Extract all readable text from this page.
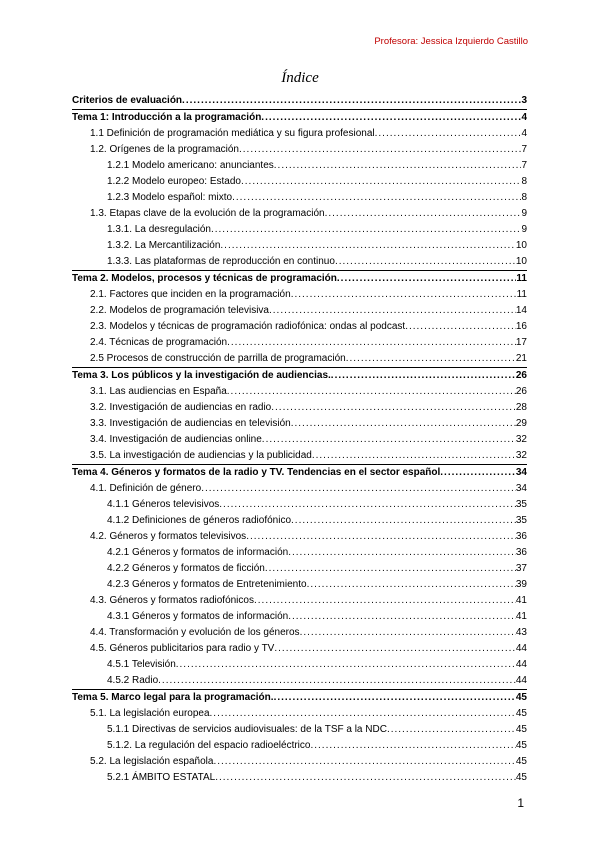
Profesora: Jessica Izquierdo Castillo
Índice
Criterios de evaluación .....	3
Tema 1: Introducción a la programación .....	4
1.1 Definición de programación mediática y su figura profesional .....	4
1.2. Orígenes de la programación .....	7
1.2.1 Modelo americano: anunciantes .....	7
1.2.2 Modelo europeo: Estado .....	8
1.2.3 Modelo español: mixto .....	8
1.3. Etapas clave de la evolución de la programación .....	9
1.3.1. La desregulación .....	9
1.3.2. La Mercantilización .....	10
1.3.3. Las plataformas de reproducción en continuo .....	10
Tema 2. Modelos, procesos y técnicas de programación .....	11
2.1. Factores que inciden en la programación .....	11
2.2. Modelos de programación televisiva .....	14
2.3. Modelos y técnicas de programación radiofónica: ondas al podcast .....	16
2.4. Técnicas de programación .....	17
2.5 Procesos de construcción de parrilla de programación .....	21
Tema 3. Los públicos y la investigación de audiencias. .....	26
3.1. Las audiencias en España .....	26
3.2. Investigación de audiencias en radio .....	28
3.3. Investigación de audiencias en televisión .....	29
3.4. Investigación de audiencias online .....	32
3.5. La investigación de audiencias y la publicidad .....	32
Tema 4. Géneros y formatos de la radio y TV. Tendencias en el sector español .....	34
4.1. Definición de género .....	34
4.1.1 Géneros televisivos .....	35
4.1.2 Definiciones de géneros radiofónico .....	35
4.2. Géneros y formatos televisivos .....	36
4.2.1 Géneros y formatos de información .....	36
4.2.2 Géneros y formatos de ficción .....	37
4.2.3 Géneros y formatos de Entretenimiento .....	39
4.3. Géneros y formatos radiofónicos .....	41
4.3.1 Géneros y formatos de información .....	41
4.4. Transformación y evolución de los géneros .....	43
4.5. Géneros publicitarios para radio y TV .....	44
4.5.1 Televisión .....	44
4.5.2 Radio .....	44
Tema 5. Marco legal para la programación. .....	45
5.1. La legislación europea .....	45
5.1.1 Directivas de servicios audiovisuales: de la TSF a la NDC .....	45
5.1.2. La regulación del espacio radioeléctrico .....	45
5.2. La legislación española .....	45
5.2.1 ÁMBITO ESTATAL .....	45
1
